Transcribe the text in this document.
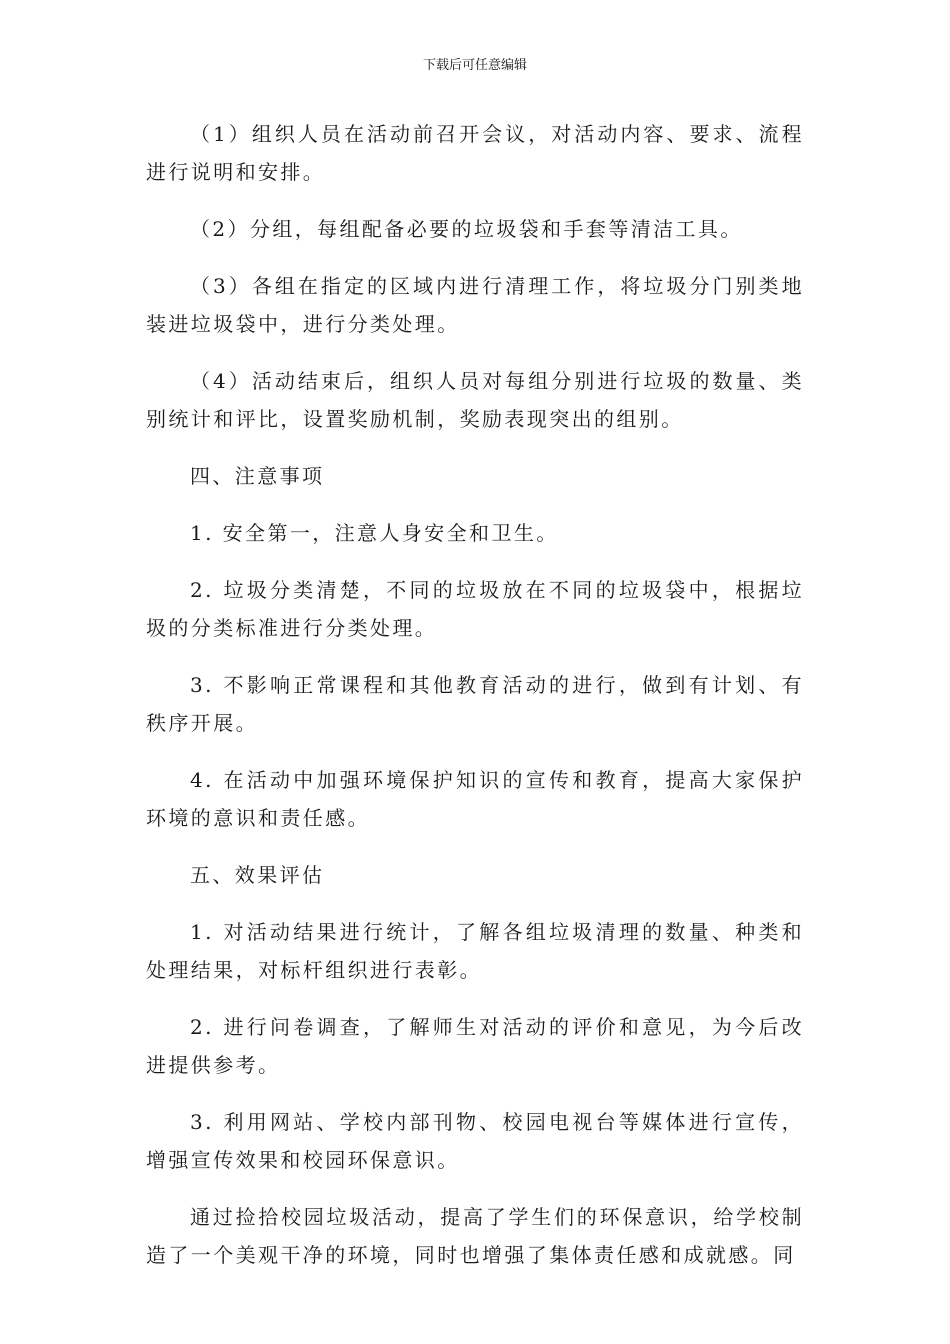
下载后可任意编辑

（1）组织人员在活动前召开会议，对活动内容、要求、流程进行说明和安排。

（2）分组，每组配备必要的垃圾袋和手套等清洁工具。

（3）各组在指定的区域内进行清理工作，将垃圾分门别类地装进垃圾袋中，进行分类处理。

（4）活动结束后，组织人员对每组分别进行垃圾的数量、类别统计和评比，设置奖励机制，奖励表现突出的组别。

四、注意事项

1. 安全第一，注意人身安全和卫生。

2. 垃圾分类清楚，不同的垃圾放在不同的垃圾袋中，根据垃圾的分类标准进行分类处理。

3. 不影响正常课程和其他教育活动的进行，做到有计划、有秩序开展。

4. 在活动中加强环境保护知识的宣传和教育，提高大家保护环境的意识和责任感。

五、效果评估

1. 对活动结果进行统计，了解各组垃圾清理的数量、种类和处理结果，对标杆组织进行表彰。

2. 进行问卷调查，了解师生对活动的评价和意见，为今后改进提供参考。

3. 利用网站、学校内部刊物、校园电视台等媒体进行宣传，增强宣传效果和校园环保意识。

通过捡拾校园垃圾活动，提高了学生们的环保意识，给学校制造了一个美观干净的环境，同时也增强了集体责任感和成就感。同
